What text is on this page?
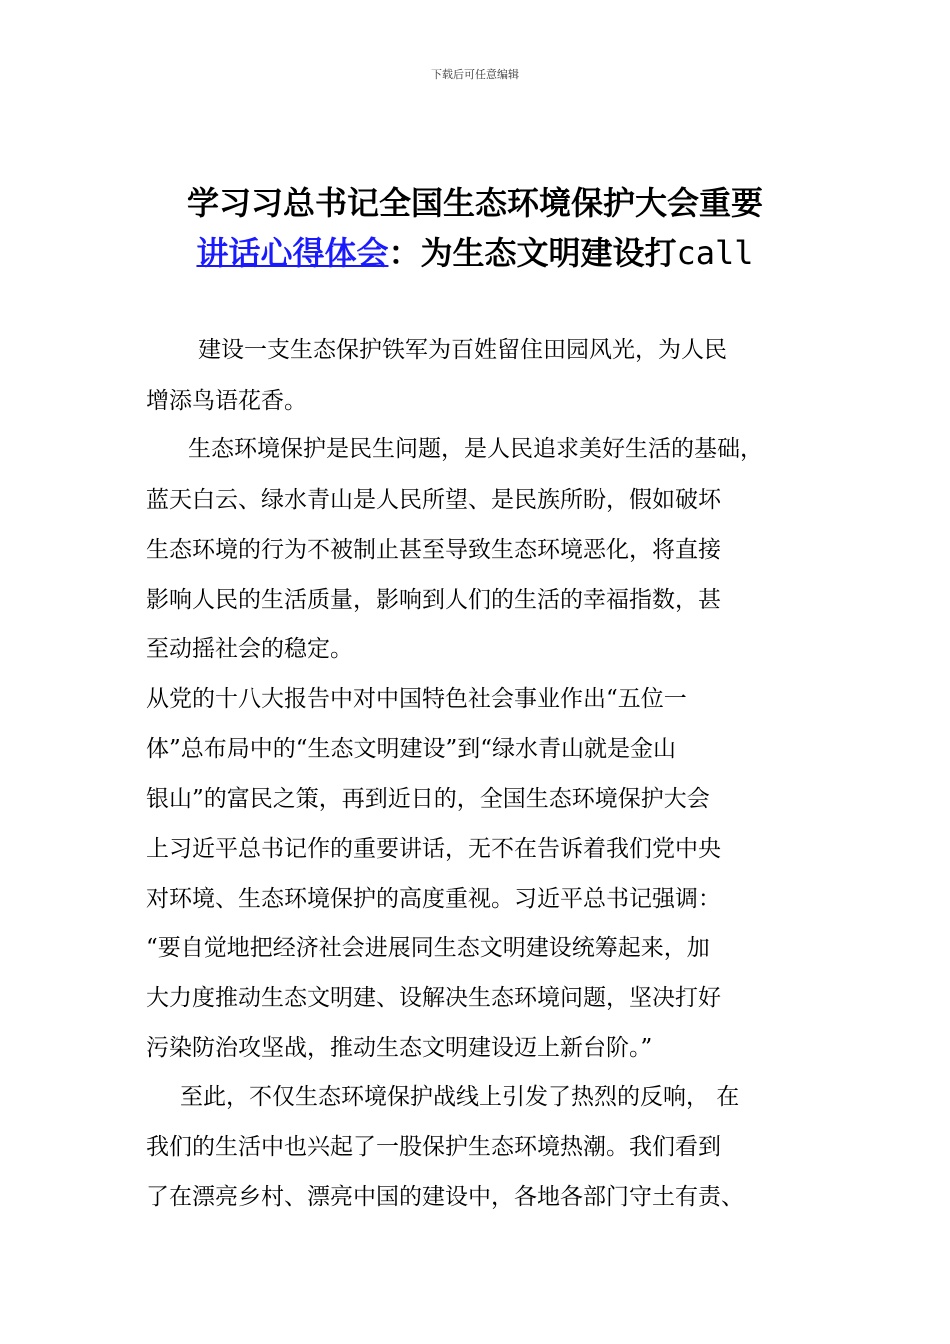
下载后可任意编辑
学习习总书记全国生态环境保护大会重要
讲话心得体会：为生态文明建设打call
建设一支生态保护铁军为百姓留住田园风光，为人民
增添鸟语花香。
生态环境保护是民生问题，是人民追求美好生活的基础，
蓝天白云、绿水青山是人民所望、是民族所盼，假如破坏
生态环境的行为不被制止甚至导致生态环境恶化，将直接
影响人民的生活质量，影响到人们的生活的幸福指数，甚
至动摇社会的稳定。
从党的十八大报告中对中国特色社会事业作出“五位一
体”总布局中的“生态文明建设”到“绿水青山就是金山
银山”的富民之策，再到近日的，全国生态环境保护大会
上习近平总书记作的重要讲话，无不在告诉着我们党中央
对环境、生态环境保护的高度重视。习近平总书记强调：
“要自觉地把经济社会进展同生态文明建设统筹起来，加
大力度推动生态文明建、设解决生态环境问题，坚决打好
污染防治攻坚战，推动生态文明建设迈上新台阶。”
至此，不仅生态环境保护战线上引发了热烈的反响， 在
我们的生活中也兴起了一股保护生态环境热潮。我们看到
了在漂亮乡村、漂亮中国的建设中，各地各部门守土有责、
